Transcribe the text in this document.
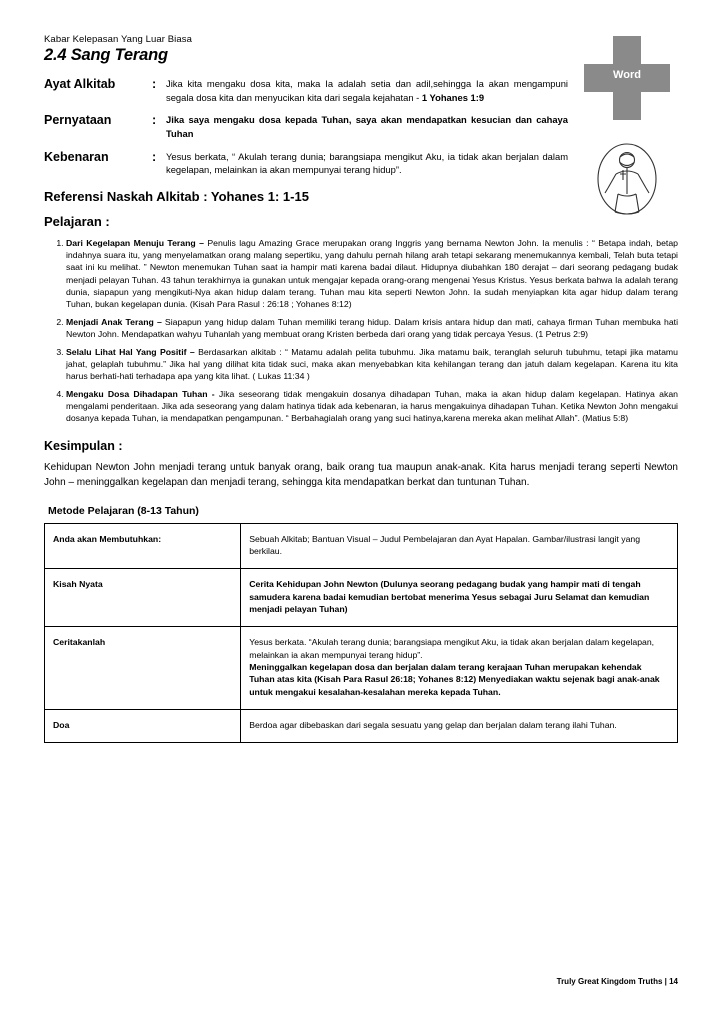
Kabar Kelepasan Yang Luar Biasa
2.4 Sang Terang
Word
Ayat Alkitab	:	Jika kita mengaku dosa kita, maka Ia adalah setia dan adil,sehingga Ia akan mengampuni segala dosa kita dan menyucikan kita dari segala kejahatan - 1 Yohanes 1:9
Pernyataan	:	Jika saya mengaku dosa kepada Tuhan, saya akan mendapatkan kesucian dan cahaya Tuhan
Kebenaran	:	Yesus berkata, “ Akulah terang dunia; barangsiapa mengikut Aku, ia tidak akan berjalan dalam kegelapan, melainkan ia akan mempunyai terang hidup”.
Referensi Naskah Alkitab : Yohanes 1: 1-15
Pelajaran :
1. Dari Kegelapan Menuju Terang – Penulis lagu Amazing Grace merupakan orang Inggris yang bernama Newton John. Ia menulis : “ Betapa indah, betap indahnya suara itu, yang menyelamatkan orang malang sepertiku, yang dahulu pernah hilang arah tetapi sekarang menemukannya kembali, Telah buta tetapi saat ini ku melihat. ” Newton menemukan Tuhan saat ia hampir mati karena badai dilaut. Hidupnya diubahkan 180 derajat – dari seorang pedagang budak menjadi pelayan Tuhan. 43 tahun terakhirnya ia gunakan untuk mengajar kepada orang-orang mengenai Yesus Kristus. Yesus berkata bahwa Ia adalah terang dunia, siapapun yang mengikuti-Nya akan hidup dalam terang. Tuhan mau kita seperti Newton John. Ia sudah menyiapkan kita agar hidup dalam terang Tuhan, bukan kegelapan dunia. (Kisah Para Rasul : 26:18 ; Yohanes 8:12)
2. Menjadi Anak Terang – Siapapun yang hidup dalam Tuhan memiliki terang hidup. Dalam krisis antara hidup dan mati, cahaya firman Tuhan membuka hati Newton John. Mendapatkan wahyu Tuhanlah yang membuat orang Kristen berbeda dari orang yang tidak percaya Yesus. (1 Petrus 2:9)
3. Selalu Lihat Hal Yang Positif – Berdasarkan alkitab : “ Matamu adalah pelita tubuhmu. Jika matamu baik, teranglah seluruh tubuhmu, tetapi jika matamu jahat, gelaplah tubuhmu.” Jika hal yang dilihat kita tidak suci, maka akan menyebabkan kita kehilangan terang dan jatuh dalam kegelapan. Karena itu kita harus berhati-hati terhadapa apa yang kita lihat. ( Lukas 11:34 )
4. Mengaku Dosa Dihadapan Tuhan - Jika seseorang tidak mengakuin dosanya dihadapan Tuhan, maka ia akan hidup dalam kegelapan. Hatinya akan mengalami penderitaan. Jika ada seseorang yang dalam hatinya tidak ada kebenaran, ia harus mengakuinya dihadapan Tuhan. Ketika Newton John mengakui dosanya kepada Tuhan, ia mendapatkan pengampunan. “ Berbahagialah orang yang suci hatinya,karena mereka akan melihat Allah”. (Matius 5:8)
Kesimpulan :
Kehidupan Newton John menjadi terang untuk banyak orang, baik orang tua maupun anak-anak. Kita harus menjadi terang seperti Newton John – meninggalkan kegelapan dan menjadi terang, sehingga kita mendapatkan berkat dan tuntunan Tuhan.
Metode Pelajaran (8-13 Tahun)
Anda akan Membutuhkan:	Sebuah Alkitab; Bantuan Visual – Judul Pembelajaran dan Ayat Hapalan. Gambar/ilustrasi langit yang berkilau.
Kisah Nyata	Cerita Kehidupan John Newton (Dulunya seorang pedagang budak yang hampir mati di tengah samudera karena badai kemudian bertobat menerima Yesus sebagai Juru Selamat dan kemudian menjadi pelayan Tuhan)
Ceritakanlah	Yesus berkata. “Akulah terang dunia; barangsiapa mengikut Aku, ia tidak akan berjalan dalam kegelapan, melainkan ia akan mempunyai terang hidup”.
Meninggalkan kegelapan dosa dan berjalan dalam terang kerajaan Tuhan merupakan kehendak Tuhan atas kita (Kisah Para Rasul 26:18; Yohanes 8:12) Menyediakan waktu sejenak bagi anak-anak untuk mengakui kesalahan-kesalahan mereka kepada Tuhan.

Doa	Berdoa agar dibebaskan dari segala sesuatu yang gelap dan berjalan dalam terang ilahi Tuhan.
Truly Great Kingdom Truths | 14
